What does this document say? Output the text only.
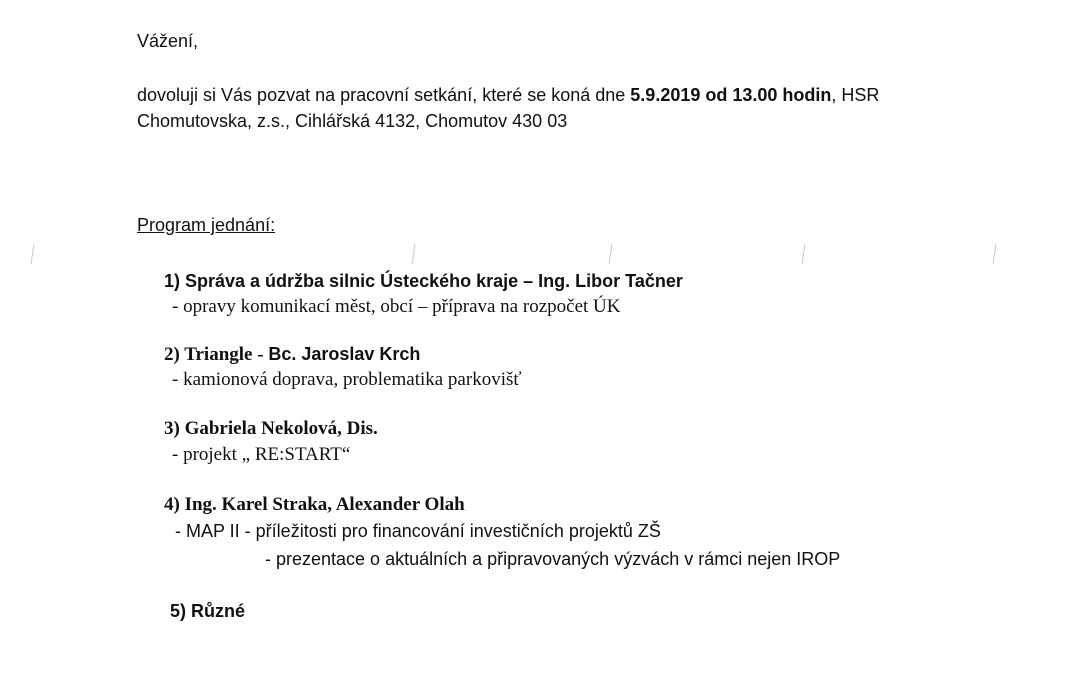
Vážení,
dovoluji si Vás pozvat na pracovní setkání, které se koná dne 5.9.2019 od 13.00 hodin, HSR
Chomutovska, z.s., Cihlářská 4132, Chomutov 430 03
Program jednání:
1) Správa a údržba silnic Ústeckého kraje – Ing. Libor Tačner
- opravy komunikací měst, obcí – příprava na rozpočet ÚK
2) Triangle - Bc. Jaroslav Krch
- kamionová doprava, problematika parkovišť
3) Gabriela Nekolová, Dis.
- projekt „ RE:START“
4) Ing. Karel Straka, Alexander Olah
- MAP II - příležitosti pro financování investičních projektů ZŠ
- prezentace o aktuálních a připravovaných výzvách v rámci nejen IROP
5) Různé
